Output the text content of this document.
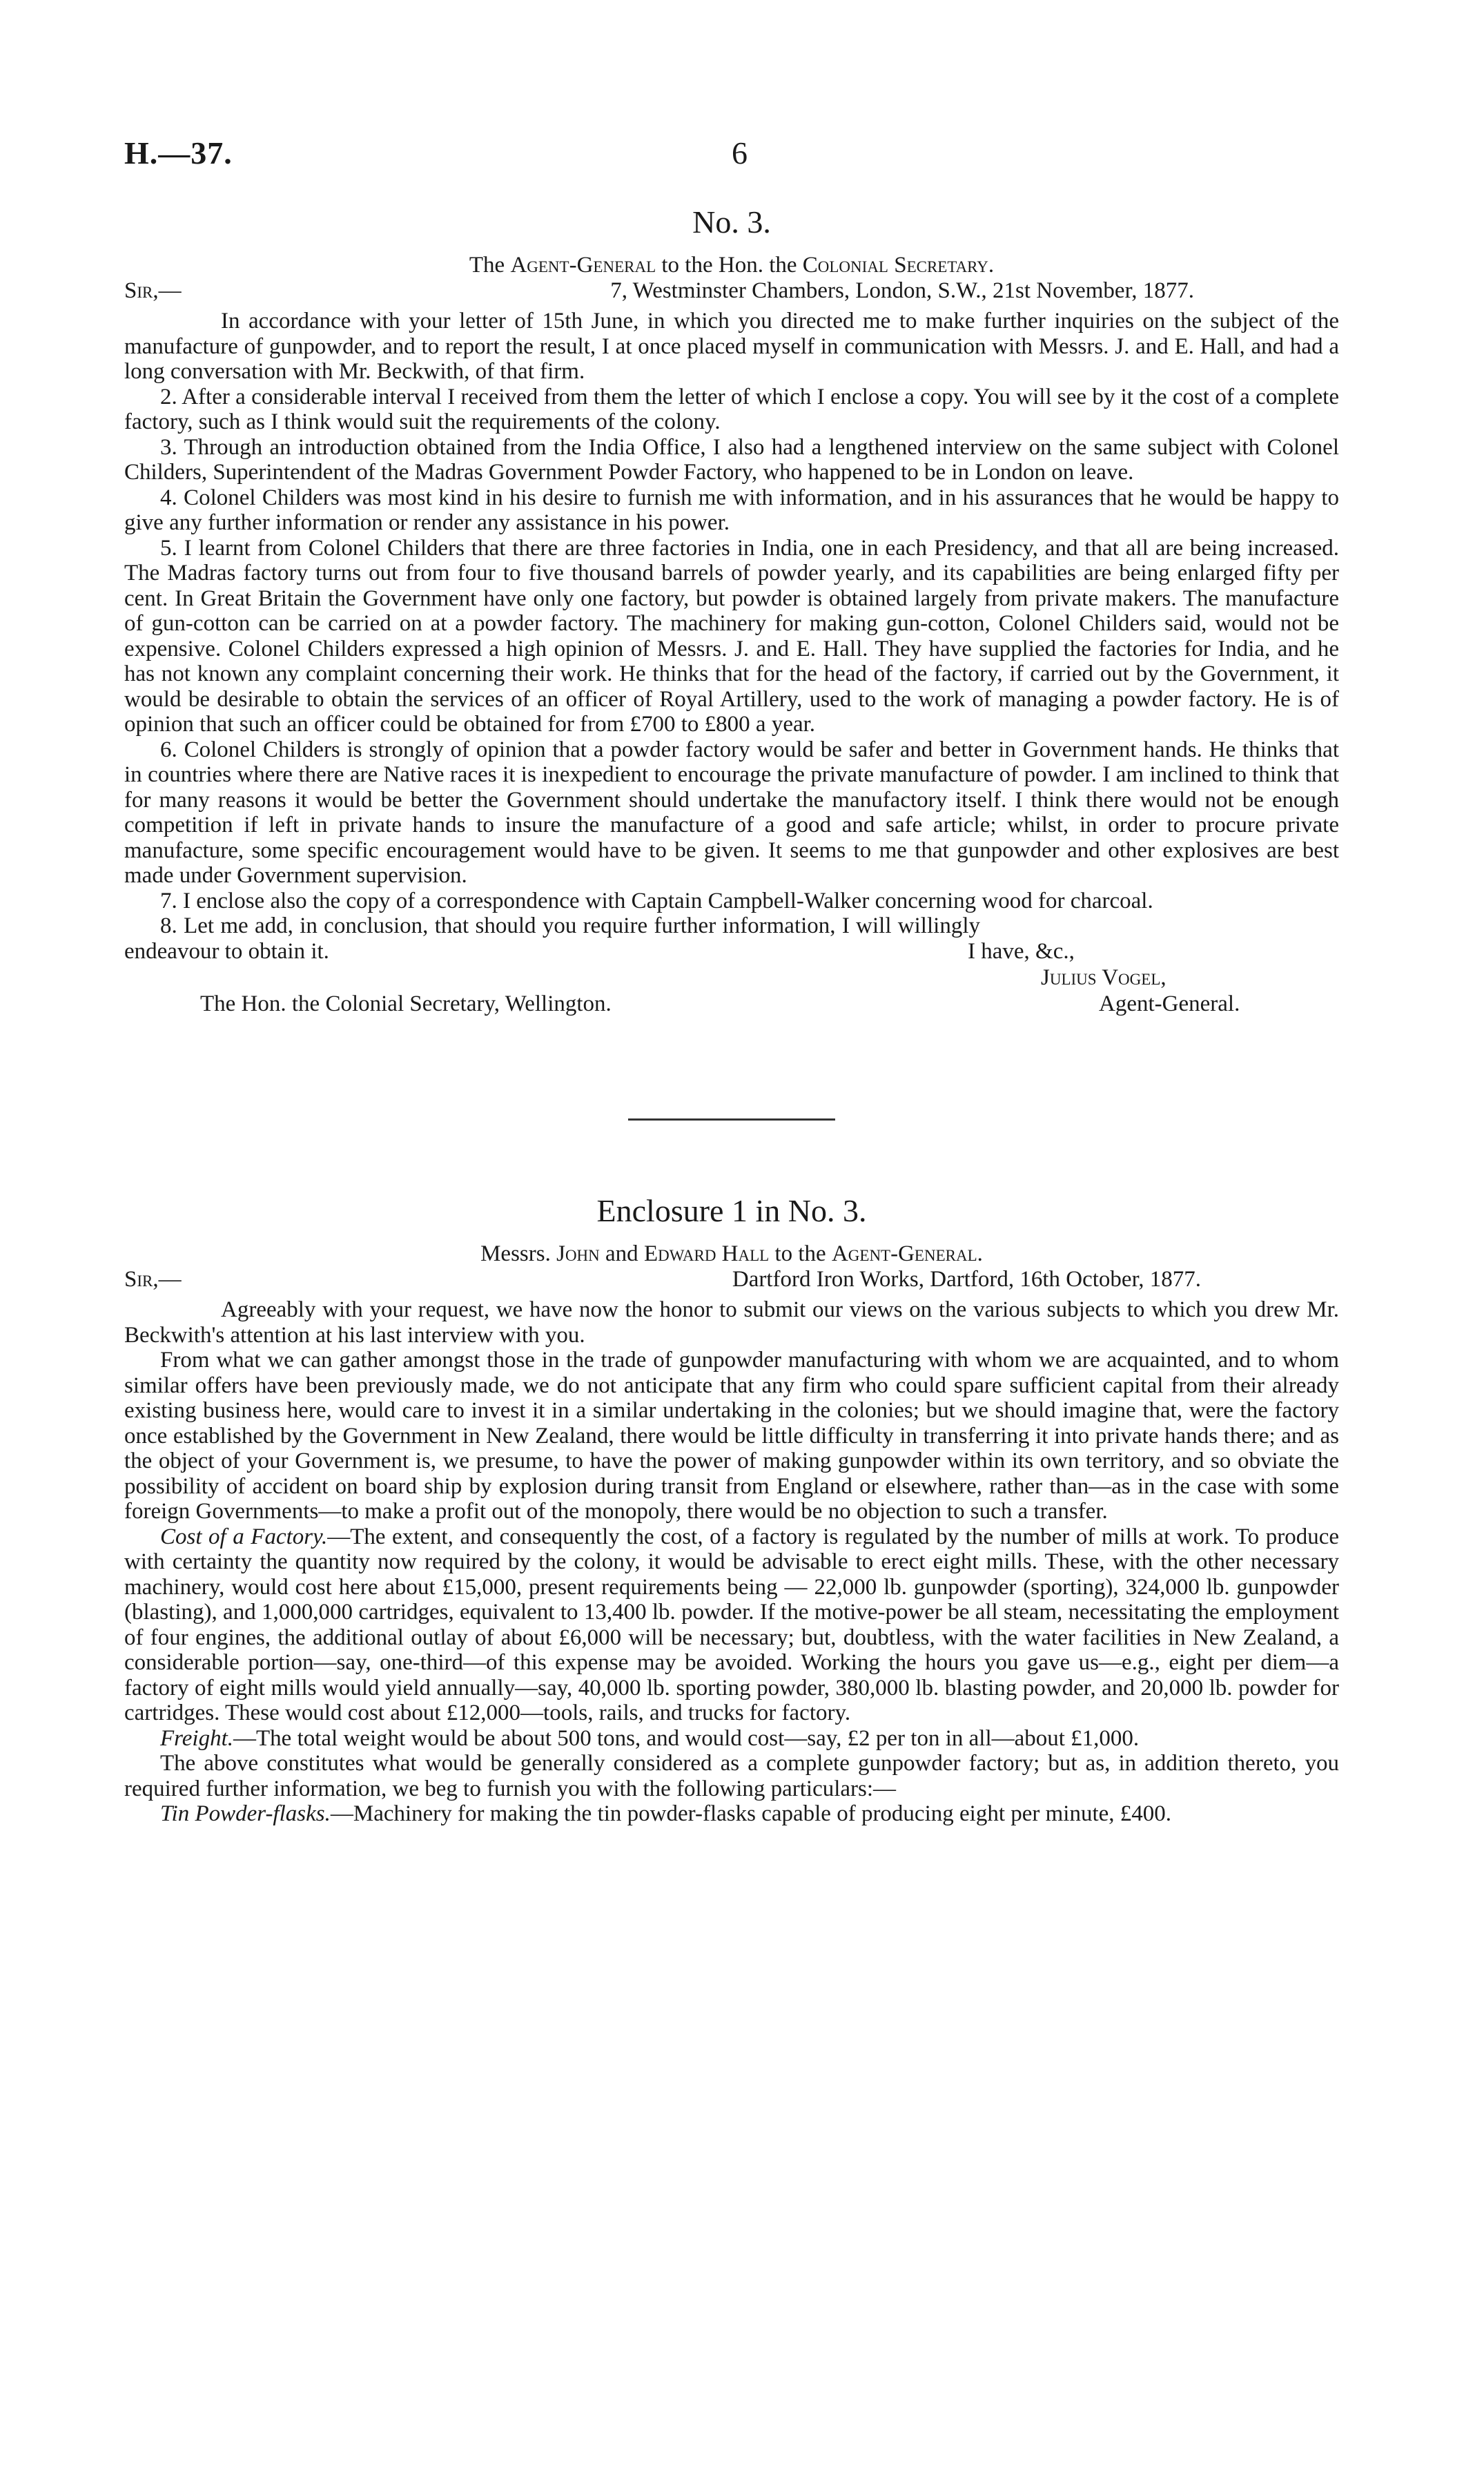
H.—37.	6
No. 3.
The Agent-General to the Hon. the Colonial Secretary.
Sir,—	7, Westminster Chambers, London, S.W., 21st November, 1877.

In accordance with your letter of 15th June, in which you directed me to make further inquiries on the subject of the manufacture of gunpowder, and to report the result, I at once placed myself in communication with Messrs. J. and E. Hall, and had a long conversation with Mr. Beckwith, of that firm.

2. After a considerable interval I received from them the letter of which I enclose a copy. You will see by it the cost of a complete factory, such as I think would suit the requirements of the colony.

3. Through an introduction obtained from the India Office, I also had a lengthened interview on the same subject with Colonel Childers, Superintendent of the Madras Government Powder Factory, who happened to be in London on leave.

4. Colonel Childers was most kind in his desire to furnish me with information, and in his assurances that he would be happy to give any further information or render any assistance in his power.

5. I learnt from Colonel Childers that there are three factories in India, one in each Presidency, and that all are being increased. The Madras factory turns out from four to five thousand barrels of powder yearly, and its capabilities are being enlarged fifty per cent. In Great Britain the Government have only one factory, but powder is obtained largely from private makers. The manufacture of gun-cotton can be carried on at a powder factory. The machinery for making gun-cotton, Colonel Childers said, would not be expensive. Colonel Childers expressed a high opinion of Messrs. J. and E. Hall. They have supplied the factories for India, and he has not known any complaint concerning their work. He thinks that for the head of the factory, if carried out by the Government, it would be desirable to obtain the services of an officer of Royal Artillery, used to the work of managing a powder factory. He is of opinion that such an officer could be obtained for from £700 to £800 a year.

6. Colonel Childers is strongly of opinion that a powder factory would be safer and better in Government hands. He thinks that in countries where there are Native races it is inexpedient to encourage the private manufacture of powder. I am inclined to think that for many reasons it would be better the Government should undertake the manufactory itself. I think there would not be enough competition if left in private hands to insure the manufacture of a good and safe article; whilst, in order to procure private manufacture, some specific encouragement would have to be given. It seems to me that gunpowder and other explosives are best made under Government supervision.

7. I enclose also the copy of a correspondence with Captain Campbell-Walker concerning wood for charcoal.

8. Let me add, in conclusion, that should you require further information, I will willingly endeavour to obtain it.	I have, &c.,
Julius Vogel,
The Hon. the Colonial Secretary, Wellington.	Agent-General.
Enclosure 1 in No. 3.
Messrs. John and Edward Hall to the Agent-General.
Sir,—	Dartford Iron Works, Dartford, 16th October, 1877.

Agreeably with your request, we have now the honor to submit our views on the various subjects to which you drew Mr. Beckwith's attention at his last interview with you.

From what we can gather amongst those in the trade of gunpowder manufacturing with whom we are acquainted, and to whom similar offers have been previously made, we do not anticipate that any firm who could spare sufficient capital from their already existing business here, would care to invest it in a similar undertaking in the colonies; but we should imagine that, were the factory once established by the Government in New Zealand, there would be little difficulty in transferring it into private hands there; and as the object of your Government is, we presume, to have the power of making gunpowder within its own territory, and so obviate the possibility of accident on board ship by explosion during transit from England or elsewhere, rather than—as in the case with some foreign Governments—to make a profit out of the monopoly, there would be no objection to such a transfer.

Cost of a Factory.—The extent, and consequently the cost, of a factory is regulated by the number of mills at work. To produce with certainty the quantity now required by the colony, it would be advisable to erect eight mills. These, with the other necessary machinery, would cost here about £15,000, present requirements being — 22,000 lb. gunpowder (sporting), 324,000 lb. gunpowder (blasting), and 1,000,000 cartridges, equivalent to 13,400 lb. powder. If the motive-power be all steam, necessitating the employment of four engines, the additional outlay of about £6,000 will be necessary; but, doubtless, with the water facilities in New Zealand, a considerable portion—say, one-third—of this expense may be avoided. Working the hours you gave us—e.g., eight per diem—a factory of eight mills would yield annually—say, 40,000 lb. sporting powder, 380,000 lb. blasting powder, and 20,000 lb. powder for cartridges. These would cost about £12,000—tools, rails, and trucks for factory.

Freight.—The total weight would be about 500 tons, and would cost—say, £2 per ton in all—about £1,000.

The above constitutes what would be generally considered as a complete gunpowder factory; but as, in addition thereto, you required further information, we beg to furnish you with the following particulars:—

Tin Powder-flasks.—Machinery for making the tin powder-flasks capable of producing eight per minute, £400.
